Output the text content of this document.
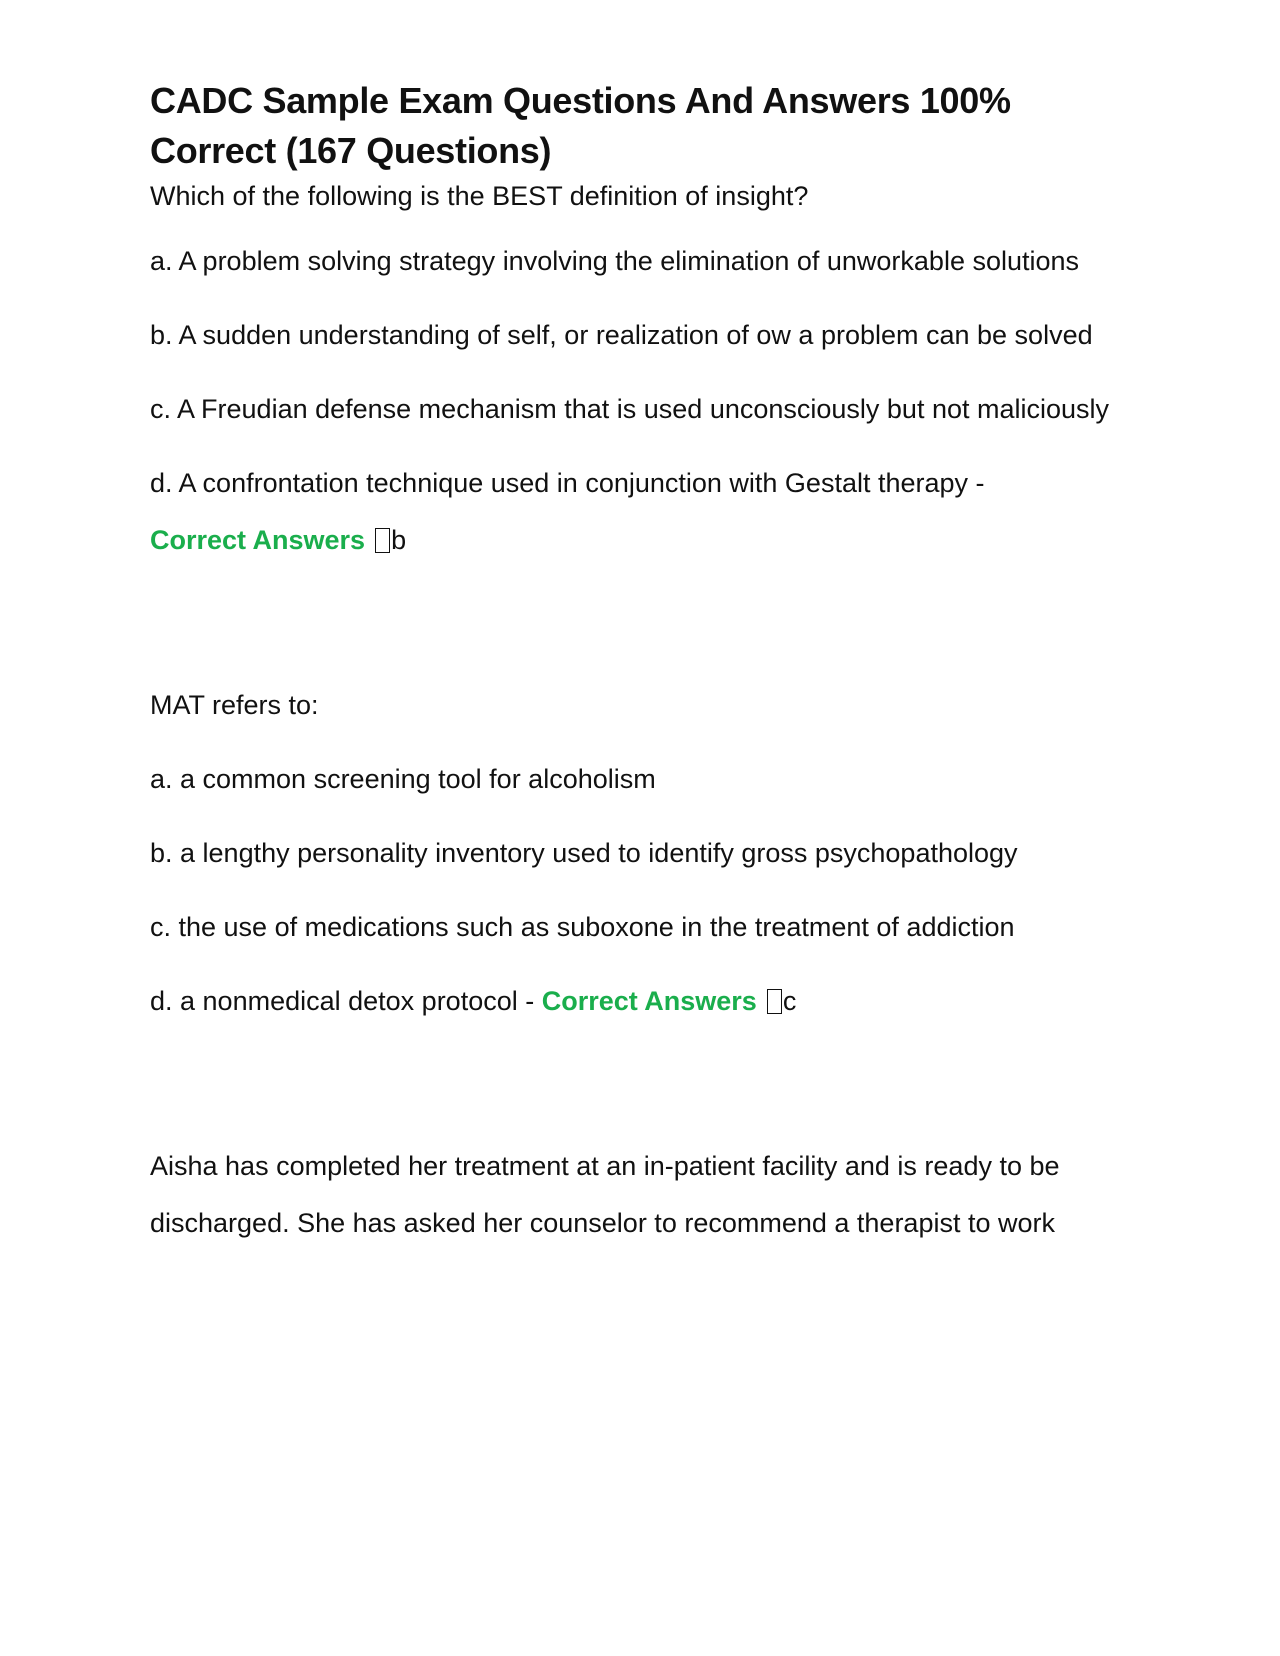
CADC Sample Exam Questions And Answers 100% Correct (167 Questions)

Which of the following is the BEST definition of insight?

a. A problem solving strategy involving the elimination of unworkable solutions

b. A sudden understanding of self, or realization of ow a problem can be solved

c. A Freudian defense mechanism that is used unconsciously but not maliciously

d. A confrontation technique used in conjunction with Gestalt therapy -
Correct Answers b

MAT refers to:

a. a common screening tool for alcoholism

b. a lengthy personality inventory used to identify gross psychopathology

c. the use of medications such as suboxone in the treatment of addiction

d. a nonmedical detox protocol - Correct Answers c

Aisha has completed her treatment at an in-patient facility and is ready to be discharged. She has asked her counselor to recommend a therapist to work
